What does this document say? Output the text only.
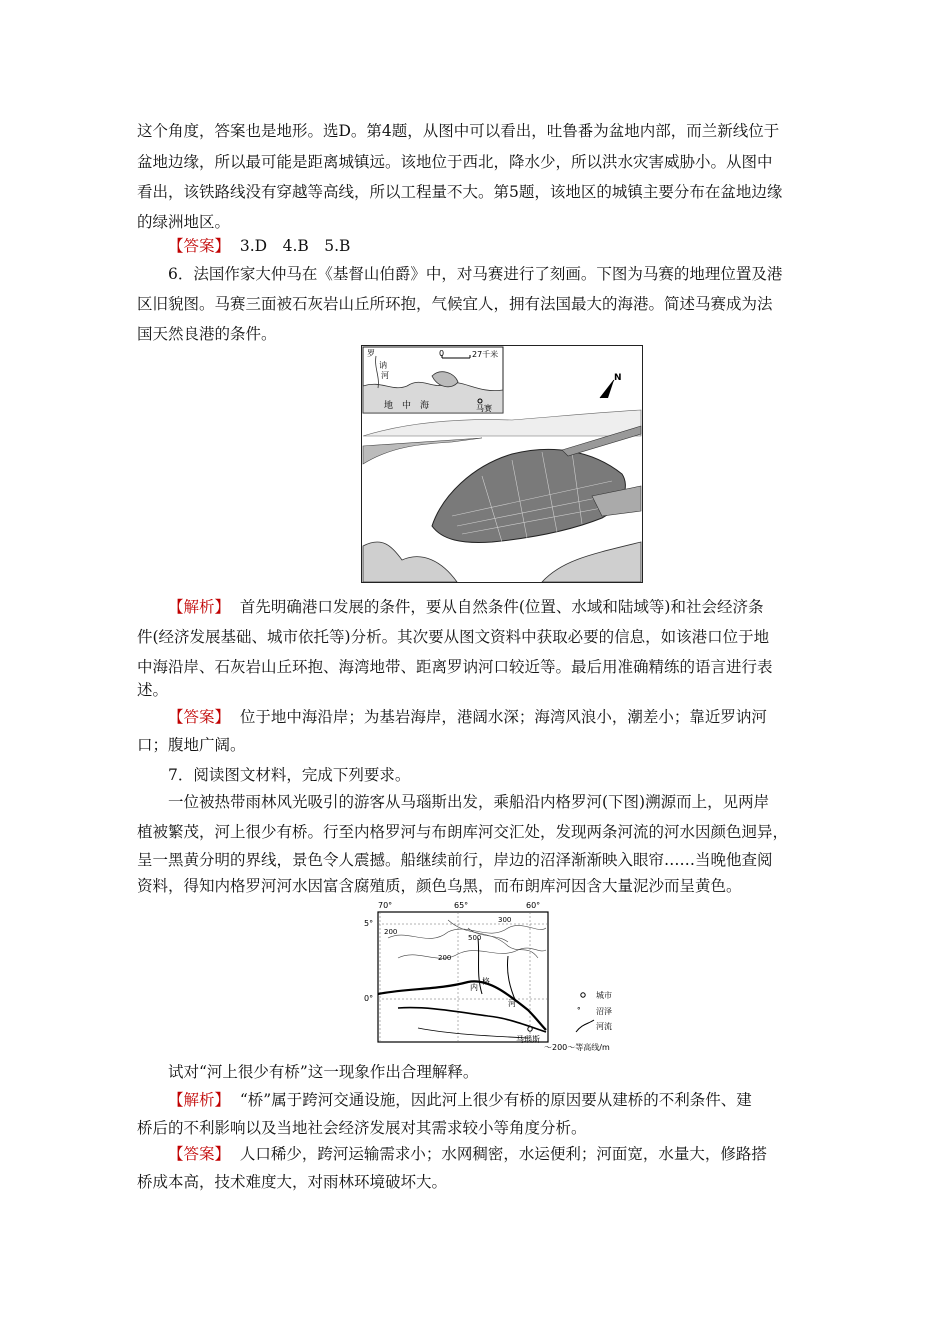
这个角度，答案也是地形。选D。第4题，从图中可以看出，吐鲁番为盆地内部，而兰新线位于
盆地边缘，所以最可能是距离城镇远。该地位于西北，降水少，所以洪水灾害威胁小。从图中
看出，该铁路线没有穿越等高线，所以工程量不大。第5题，该地区的城镇主要分布在盆地边缘
的绿洲地区。
【答案】 3.D　4.B　5.B
6．法国作家大仲马在《基督山伯爵》中，对马赛进行了刻画。下图为马赛的地理位置及港
区旧貌图。马赛三面被石灰岩山丘所环抱，气候宜人，拥有法国最大的海港。简述马赛成为法
国天然良港的条件。
0	27千米
罗
讷
河
地　中　海	马赛
N
【解析】 首先明确港口发展的条件，要从自然条件(位置、水域和陆域等)和社会经济条
件(经济发展基础、城市依托等)分析。其次要从图文资料中获取必要的信息，如该港口位于地
中海沿岸、石灰岩山丘环抱、海湾地带、距离罗讷河口较近等。最后用准确精练的语言进行表
述。
【答案】 位于地中海沿岸；为基岩海岸，港阔水深；海湾风浪小，潮差小；靠近罗讷河
口；腹地广阔。
7．阅读图文材料，完成下列要求。
一位被热带雨林风光吸引的游客从马瑙斯出发，乘船沿内格罗河(下图)溯源而上，见两岸
植被繁茂，河上很少有桥。行至内格罗河与布朗库河交汇处，发现两条河流的河水因颜色迥异，
呈一黑黄分明的界线，景色令人震撼。船继续前行，岸边的沼泽渐渐映入眼帘……当晚他查阅
资料，得知内格罗河河水因富含腐殖质，颜色乌黑，而布朗库河因含大量泥沙而呈黄色。
70°	65°	60°
5°
0°
200
200
300
500
内
格
河
马瑙斯
城市
ᐤ 沼泽
河流
～200～等高线/m
试对“河上很少有桥”这一现象作出合理解释。
【解析】 “桥”属于跨河交通设施，因此河上很少有桥的原因要从建桥的不利条件、建
桥后的不利影响以及当地社会经济发展对其需求较小等角度分析。
【答案】 人口稀少，跨河运输需求小；水网稠密，水运便利；河面宽，水量大，修路搭
桥成本高，技术难度大，对雨林环境破坏大。
